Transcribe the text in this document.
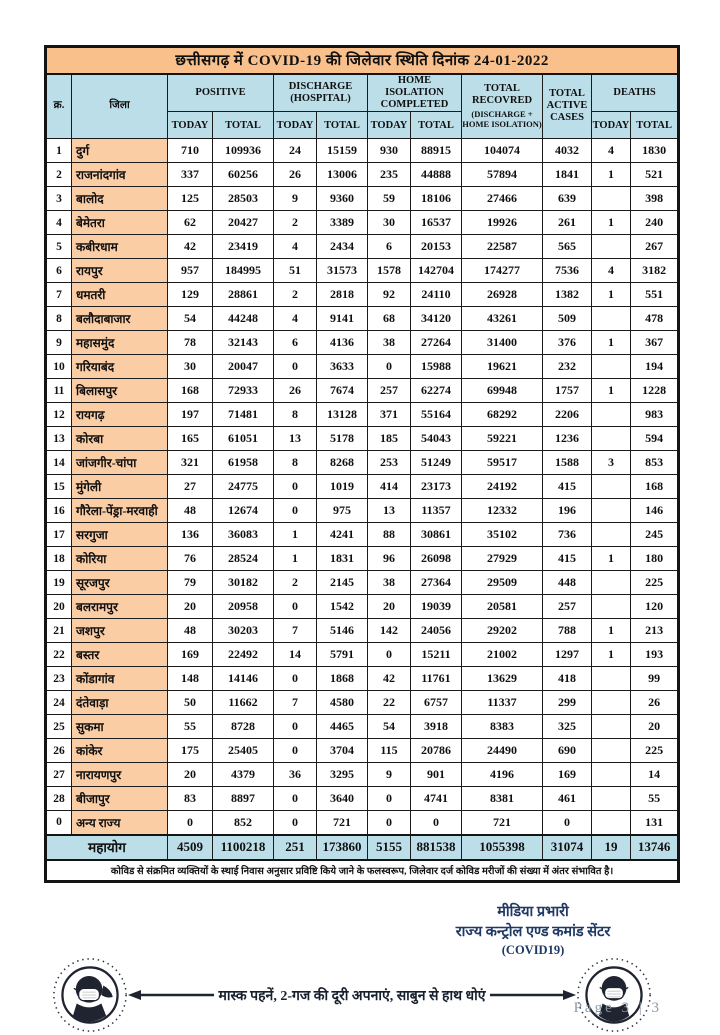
छत्तीसगढ़ में COVID-19 की जिलेवार स्थिति दिनांक 24-01-2022											
क्र.	जिला	POSITIVE		DISCHARGE (HOSPITAL)		HOME ISOLATION COMPLETED		TOTAL RECOVRED
(DISCHARGE + HOME ISOLATION)	TOTAL ACTIVE CASES	DEATHS	
		TODAY	TOTAL	TODAY	TOTAL	TODAY	TOTAL			TODAY	TOTAL
1	दुर्ग	710	109936	24	15159	930	88915	104074	4032	4	1830
2	राजनांदगांव	337	60256	26	13006	235	44888	57894	1841	1	521
3	बालोद	125	28503	9	9360	59	18106	27466	639		398
4	बेमेतरा	62	20427	2	3389	30	16537	19926	261	1	240
5	कबीरधाम	42	23419	4	2434	6	20153	22587	565		267
6	रायपुर	957	184995	51	31573	1578	142704	174277	7536	4	3182
7	धमतरी	129	28861	2	2818	92	24110	26928	1382	1	551
8	बलौदाबाजार	54	44248	4	9141	68	34120	43261	509		478
9	महासमुंद	78	32143	6	4136	38	27264	31400	376	1	367
10	गरियाबंद	30	20047	0	3633	0	15988	19621	232		194
11	बिलासपुर	168	72933	26	7674	257	62274	69948	1757	1	1228
12	रायगढ़	197	71481	8	13128	371	55164	68292	2206		983
13	कोरबा	165	61051	13	5178	185	54043	59221	1236		594
14	जांजगीर-चांपा	321	61958	8	8268	253	51249	59517	1588	3	853
15	मुंगेली	27	24775	0	1019	414	23173	24192	415		168
16	गौरेला-पेंड्रा-मरवाही	48	12674	0	975	13	11357	12332	196		146
17	सरगुजा	136	36083	1	4241	88	30861	35102	736		245
18	कोरिया	76	28524	1	1831	96	26098	27929	415	1	180
19	सूरजपुर	79	30182	2	2145	38	27364	29509	448		225
20	बलरामपुर	20	20958	0	1542	20	19039	20581	257		120
21	जशपुर	48	30203	7	5146	142	24056	29202	788	1	213
22	बस्तर	169	22492	14	5791	0	15211	21002	1297	1	193
23	कोंडागांव	148	14146	0	1868	42	11761	13629	418		99
24	दंतेवाड़ा	50	11662	7	4580	22	6757	11337	299		26
25	सुकमा	55	8728	0	4465	54	3918	8383	325		20
26	कांकेर	175	25405	0	3704	115	20786	24490	690		225
27	नारायणपुर	20	4379	36	3295	9	901	4196	169		14
28	बीजापुर	83	8897	0	3640	0	4741	8381	461		55
0	अन्य राज्य	0	852	0	721	0	0	721	0		131
महायोग		4509	1100218	251	173860	5155	881538	1055398	31074	19	13746
कोविड से संक्रमित व्यक्तियों के स्थाई निवास अनुसार प्रविष्टि किये जाने के फलस्वरूप, जिलेवार दर्ज कोविड मरीजों की संख्या में अंतर संभावित है।											
मीडिया प्रभारी
राज्य कन्ट्रोल एण्ड कमांड सेंटर
(COVID19)
मास्क पहनें, 2-गज की दूरी अपनाएं, साबुन से हाथ धोएं
Page 3 | 3
